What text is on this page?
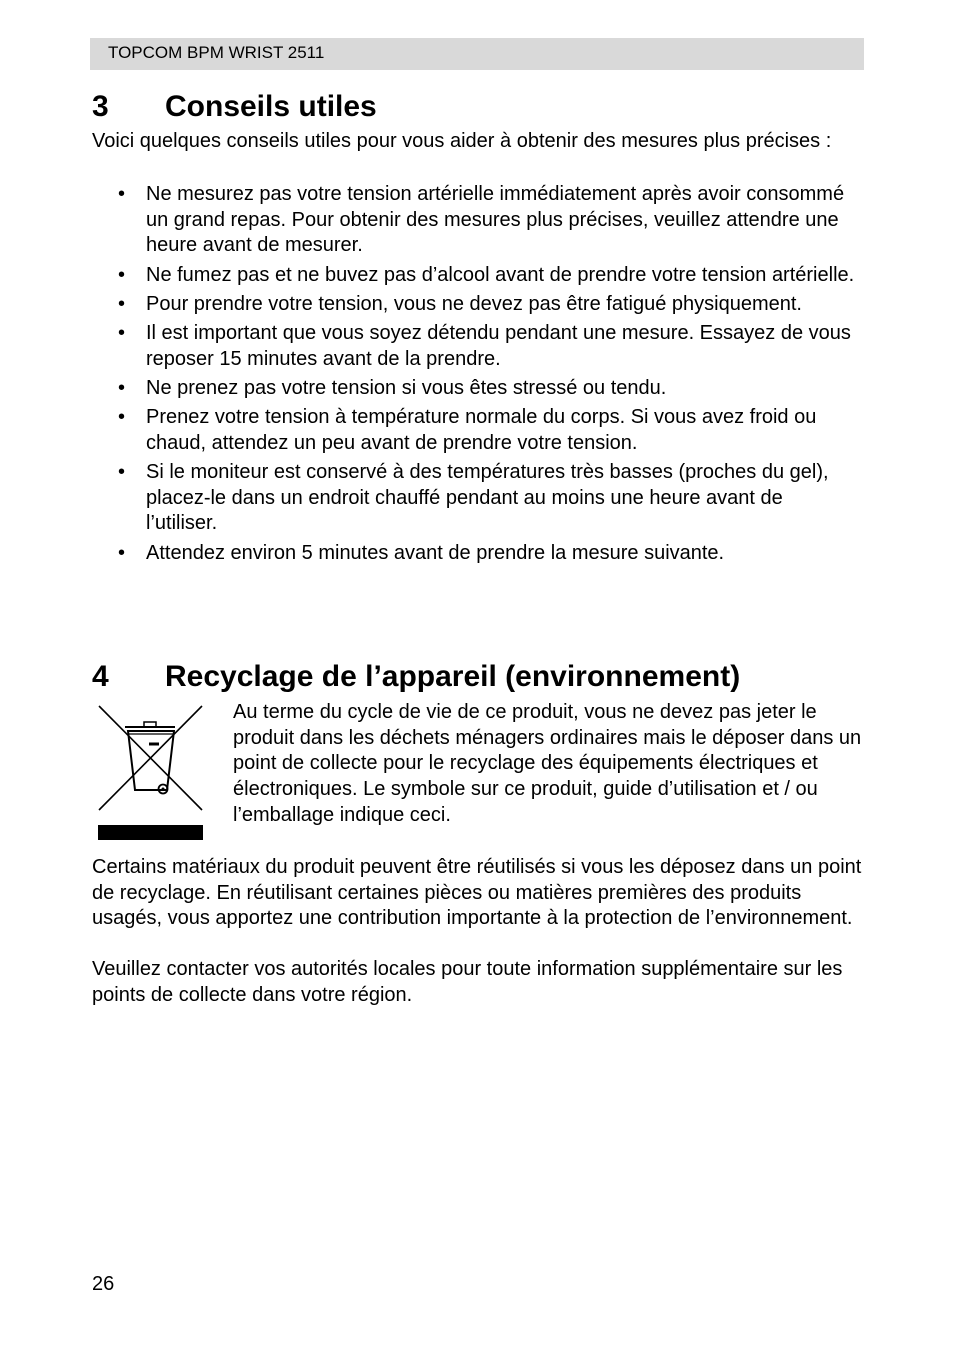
TOPCOM BPM WRIST 2511
3 Conseils utiles

Voici quelques conseils utiles pour vous aider à obtenir des mesures plus précises :

• Ne mesurez pas votre tension artérielle immédiatement après avoir consommé un grand repas. Pour obtenir des mesures plus précises, veuillez attendre une heure avant de mesurer.
• Ne fumez pas et ne buvez pas d’alcool avant de prendre votre tension artérielle.
• Pour prendre votre tension, vous ne devez pas être fatigué physiquement.
• Il est important que vous soyez détendu pendant une mesure. Essayez de vous reposer 15 minutes avant de la prendre.
• Ne prenez pas votre tension si vous êtes stressé ou tendu.
• Prenez votre tension à température normale du corps. Si vous avez froid ou chaud, attendez un peu avant de prendre votre tension.
• Si le moniteur est conservé à des températures très basses (proches du gel), placez-le dans un endroit chauffé pendant au moins une heure avant de
l’utiliser.
• Attendez environ 5 minutes avant de prendre la mesure suivante.
4 Recyclage de l’appareil (environnement)

Au terme du cycle de vie de ce produit, vous ne devez pas jeter le produit dans les déchets ménagers ordinaires mais le déposer dans un point de collecte pour le recyclage des équipements électriques et électroniques. Le symbole sur ce produit, guide d’utilisation et / ou l’emballage indique ceci.

Certains matériaux du produit peuvent être réutilisés si vous les déposez dans un point de recyclage. En réutilisant certaines pièces ou matières premières des produits usagés, vous apportez une contribution importante à la protection de l’environnement.

Veuillez contacter vos autorités locales pour toute information supplémentaire sur les points de collecte dans votre région.

26
